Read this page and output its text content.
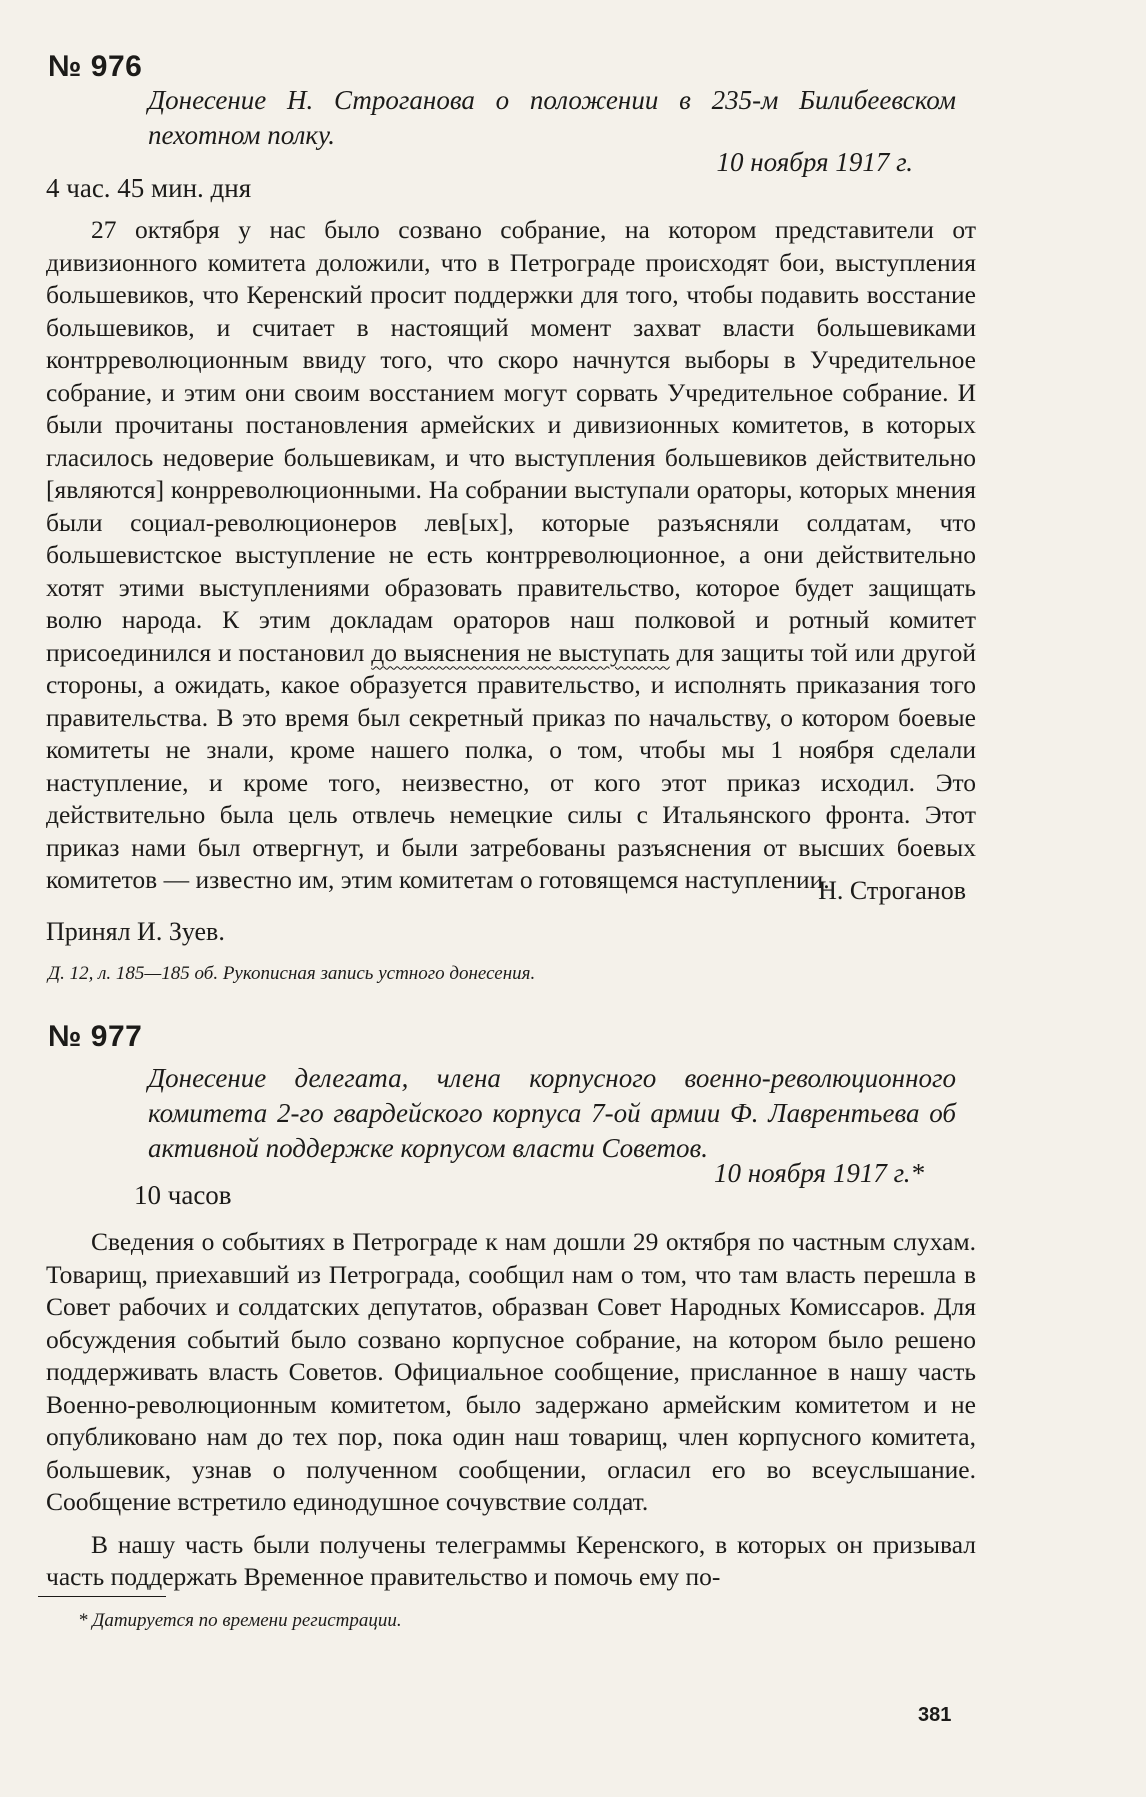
№ 976
Донесение Н. Строганова о положении в 235-м Билибеевском пехотном полку.
10 ноября 1917 г.
4 час. 45 мин. дня

27 октября у нас было созвано собрание, на котором представители от дивизионного комитета доложили, что в Петрограде происходят бои, выступления большевиков, что Керенский просит поддержки для того, чтобы подавить восстание большевиков, и считает в настоящий момент захват власти большевиками контрреволюционным ввиду того, что скоро начнутся выборы в Учредительное собрание, и этим они своим восстанием могут сорвать Учредительное собрание. И были прочитаны постановления армейских и дивизионных комитетов, в которых гласилось недоверие большевикам, и что выступления большевиков действительно [являются] конрреволюционными. На собрании выступали ораторы, которых мнения были социал-революционеров лев[ых], которые разъясняли солдатам, что большевистское выступление не есть контрреволюционное, а они действительно хотят этими выступлениями образовать правительство, которое будет защищать волю народа. К этим докладам ораторов наш полковой и ротный комитет присоединился и постановил до выяснения не выступать для защиты той или другой стороны, а ожидать, какое образуется правительство, и исполнять приказания того правительства. В это время был секретный приказ по начальству, о котором боевые комитеты не знали, кроме нашего полка, о том, чтобы мы 1 ноября сделали наступление, и кроме того, неизвестно, от кого этот приказ исходил. Это действительно была цель отвлечь немецкие силы с Итальянского фронта. Этот приказ нами был отвергнут, и были затребованы разъяснения от высших боевых комитетов — известно им, этим комитетам о готовящемся наступлении.

Н. Строганов
Принял И. Зуев.
Д. 12, л. 185—185 об. Рукописная запись устного донесения.
№ 977
Донесение делегата, члена корпусного военно-революционного комитета 2-го гвардейского корпуса 7-ой армии Ф. Лаврентьева об активной поддержке корпусом власти Советов.
10 ноября 1917 г.*
10 часов

Сведения о событиях в Петрограде к нам дошли 29 октября по частным слухам. Товарищ, приехавший из Петрограда, сообщил нам о том, что там власть перешла в Совет рабочих и солдатских депутатов, образван Совет Народных Комиссаров. Для обсуждения событий было созвано корпусное собрание, на котором было решено поддерживать власть Советов. Официальное сообщение, присланное в нашу часть Военно-революционным комитетом, было задержано армейским комитетом и не опубликовано нам до тех пор, пока один наш товарищ, член корпусного комитета, большевик, узнав о полученном сообщении, огласил его во всеуслышание. Сообщение встретило единодушное сочувствие солдат.

В нашу часть были получены телеграммы Керенского, в которых он призывал часть поддержать Временное правительство и помочь ему по-

* Датируется по времени регистрации.
381
